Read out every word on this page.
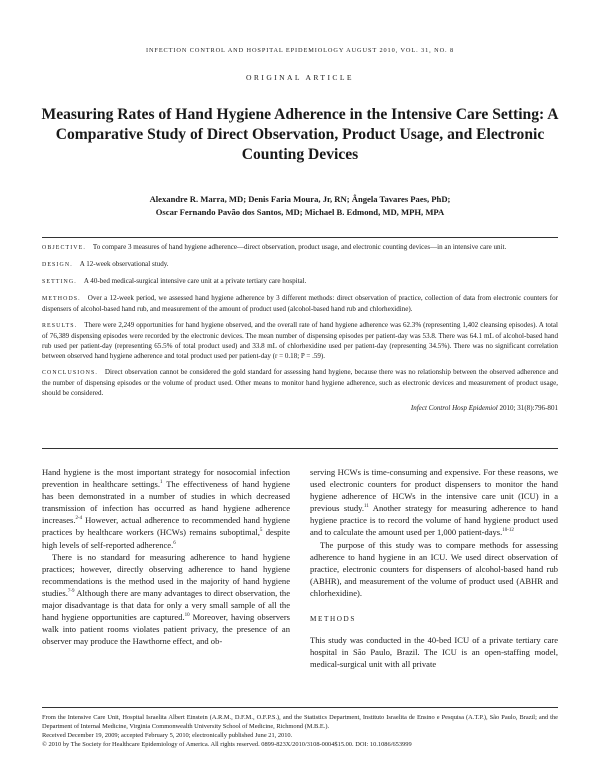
INFECTION CONTROL AND HOSPITAL EPIDEMIOLOGY AUGUST 2010, VOL. 31, NO. 8
ORIGINAL ARTICLE
Measuring Rates of Hand Hygiene Adherence in the Intensive Care Setting: A Comparative Study of Direct Observation, Product Usage, and Electronic Counting Devices
Alexandre R. Marra, MD; Denis Faria Moura, Jr, RN; Ângela Tavares Paes, PhD;
Oscar Fernando Pavão dos Santos, MD; Michael B. Edmond, MD, MPH, MPA

OBJECTIVE. To compare 3 measures of hand hygiene adherence—direct observation, product usage, and electronic counting devices—in an intensive care unit.

DESIGN. A 12-week observational study.

SETTING. A 40-bed medical-surgical intensive care unit at a private tertiary care hospital.

METHODS. Over a 12-week period, we assessed hand hygiene adherence by 3 different methods: direct observation of practice, collection of data from electronic counters for dispensers of alcohol-based hand rub, and measurement of the amount of product used (alcohol-based hand rub and chlorhexidine).

RESULTS. There were 2,249 opportunities for hand hygiene observed, and the overall rate of hand hygiene adherence was 62.3% (representing 1,402 cleansing episodes). A total of 76,389 dispensing episodes were recorded by the electronic devices. The mean number of dispensing episodes per patient-day was 53.8. There was 64.1 mL of alcohol-based hand rub used per patient-day (representing 65.5% of total product used) and 33.8 mL of chlorhexidine used per patient-day (representing 34.5%). There was no significant correlation between observed hand hygiene adherence and total product used per patient-day (r = 0.18; P = .59).

CONCLUSIONS. Direct observation cannot be considered the gold standard for assessing hand hygiene, because there was no relationship between the observed adherence and the number of dispensing episodes or the volume of product used. Other means to monitor hand hygiene adherence, such as electronic devices and measurement of product usage, should be considered.

Infect Control Hosp Epidemiol 2010; 31(8):796-801

Hand hygiene is the most important strategy for nosocomial infection prevention in healthcare settings.$^1$ The effectiveness of hand hygiene has been demonstrated in a number of studies in which decreased transmission of infection has occurred as hand hygiene adherence increases.$^{2-4}$ However, actual adherence to recommended hand hygiene practices by healthcare workers (HCWs) remains suboptimal,$^5$ despite high levels of self-reported adherence.$^6$

There is no standard for measuring adherence to hand hygiene practices; however, directly observing adherence to hand hygiene recommendations is the method used in the majority of hand hygiene studies.$^{7-9}$ Although there are many advantages to direct observation, the major disadvantage is that data for only a very small sample of all the hand hygiene opportunities are captured.$^{10}$ Moreover, having observers walk into patient rooms violates patient privacy, the presence of an observer may produce the Hawthorne effect, and ob-

serving HCWs is time-consuming and expensive. For these reasons, we used electronic counters for product dispensers to monitor the hand hygiene adherence of HCWs in the intensive care unit (ICU) in a previous study.$^{11}$ Another strategy for measuring adherence to hand hygiene practice is to record the volume of hand hygiene product used and to calculate the amount used per 1,000 patient-days.$^{10-12}$

The purpose of this study was to compare methods for assessing adherence to hand hygiene in an ICU. We used direct observation of practice, electronic counters for dispensers of alcohol-based hand rub (ABHR), and measurement of the volume of product used (ABHR and chlorhexidine).

METHODS

This study was conducted in the 40-bed ICU of a private tertiary care hospital in São Paulo, Brazil. The ICU is an open-staffing model, medical-surgical unit with all private

From the Intensive Care Unit, Hospital Israelita Albert Einstein (A.R.M., D.F.M., O.F.P.S.), and the Statistics Department, Instituto Israelita de Ensino e Pesquisa (A.T.P.), São Paulo, Brazil; and the Department of Internal Medicine, Virginia Commonwealth University School of Medicine, Richmond (M.B.E.).

Received December 19, 2009; accepted February 5, 2010; electronically published June 21, 2010.

© 2010 by The Society for Healthcare Epidemiology of America. All rights reserved. 0899-823X/2010/3108-0004$15.00. DOI: 10.1086/653999
